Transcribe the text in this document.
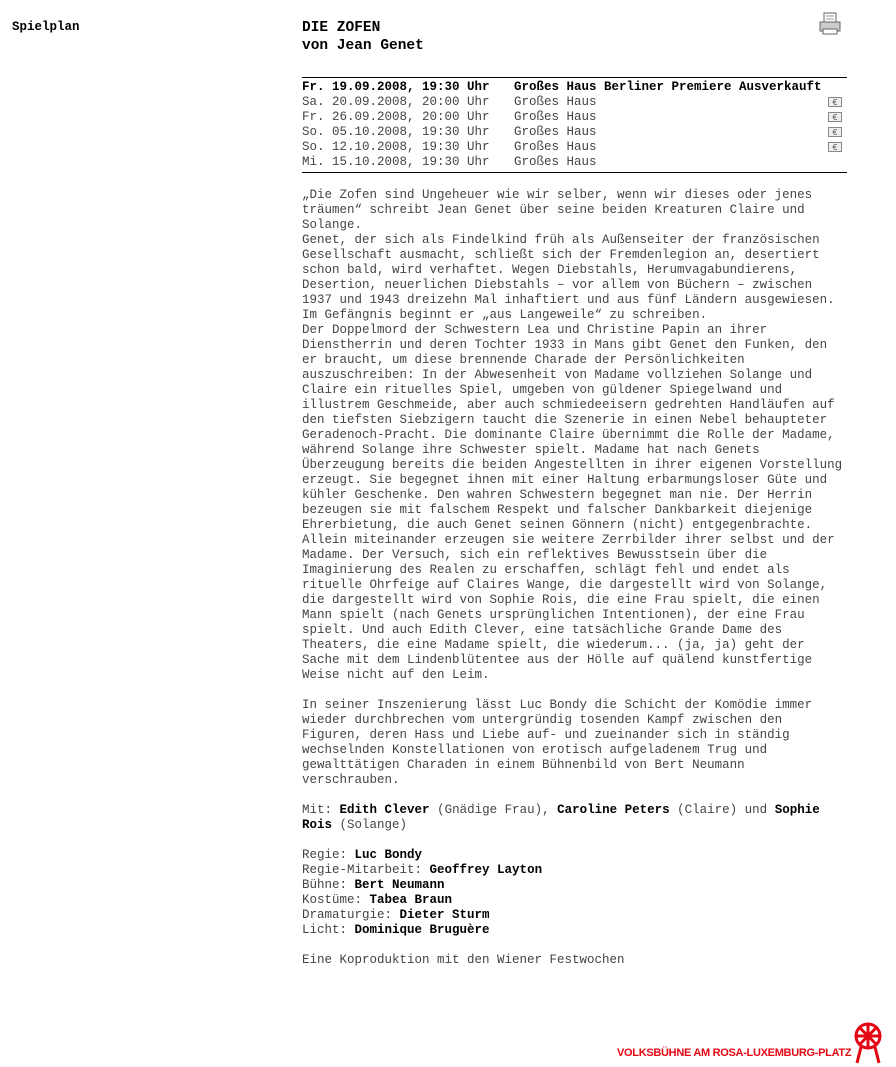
Spielplan	DIE ZOFEN
von Jean Genet
Fr. 19.09.2008, 19:30 Uhr Großes Haus Berliner Premiere Ausverkauft
Sa. 20.09.2008, 20:00 Uhr Großes Haus	€
Fr. 26.09.2008, 20:00 Uhr Großes Haus	€
So. 05.10.2008, 19:30 Uhr Großes Haus	€
So. 12.10.2008, 19:30 Uhr Großes Haus	€
Mi. 15.10.2008, 19:30 Uhr Großes Haus

„Die Zofen sind Ungeheuer wie wir selber, wenn wir dieses oder jenes träumen“ schreibt Jean Genet über seine beiden Kreaturen Claire und Solange.

Genet, der sich als Findelkind früh als Außenseiter der französischen Gesellschaft ausmacht, schließt sich der Fremdenlegion an, desertiert schon bald, wird verhaftet. Wegen Diebstahls, Herumvagabundierens, Desertion, neuerlichen Diebstahls – vor allem von Büchern – zwischen 1937 und 1943 dreizehn Mal inhaftiert und aus fünf Ländern ausgewiesen. Im Gefängnis beginnt er „aus Langeweile“ zu schreiben.

Der Doppelmord der Schwestern Lea und Christine Papin an ihrer Dienstherrin und deren Tochter 1933 in Mans gibt Genet den Funken, den er braucht, um diese brennende Charade der Persönlichkeiten auszuschreiben: In der Abwesenheit von Madame vollziehen Solange und Claire ein rituelles Spiel, umgeben von güldener Spiegelwand und illustrem Geschmeide, aber auch schmiedeeisern gedrehten Handläufen auf den tiefsten Siebzigern taucht die Szenerie in einen Nebel behaupteter Geradenoch-Pracht. Die dominante Claire übernimmt die Rolle der Madame, während Solange ihre Schwester spielt. Madame hat nach Genets Überzeugung bereits die beiden Angestellten in ihrer eigenen Vorstellung erzeugt. Sie begegnet ihnen mit einer Haltung erbarmungsloser Güte und kühler Geschenke. Den wahren Schwestern begegnet man nie. Der Herrin bezeugen sie mit falschem Respekt und falscher Dankbarkeit diejenige Ehrerbietung, die auch Genet seinen Gönnern (nicht) entgegenbrachte. Allein miteinander erzeugen sie weitere Zerrbilder ihrer selbst und der Madame. Der Versuch, sich ein reflektives Bewusstsein über die Imaginierung des Realen zu erschaffen, schlägt fehl und endet als rituelle Ohrfeige auf Claires Wange, die dargestellt wird von Solange, die dargestellt wird von Sophie Rois, die eine Frau spielt, die einen Mann spielt (nach Genets ursprünglichen Intentionen), der eine Frau spielt. Und auch Edith Clever, eine tatsächliche Grande Dame des Theaters, die eine Madame spielt, die wiederum... (ja, ja) geht der Sache mit dem Lindenblütentee aus der Hölle auf quälend kunstfertige Weise nicht auf den Leim.

In seiner Inszenierung lässt Luc Bondy die Schicht der Komödie immer wieder durchbrechen vom untergründig tosenden Kampf zwischen den Figuren, deren Hass und Liebe auf- und zueinander sich in ständig wechselnden Konstellationen von erotisch aufgeladenem Trug und gewalttätigen Charaden in einem Bühnenbild von Bert Neumann verschrauben.

Mit: Edith Clever (Gnädige Frau), Caroline Peters (Claire) und Sophie Rois (Solange)

Regie: Luc Bondy
Regie-Mitarbeit: Geoffrey Layton
Bühne: Bert Neumann
Kostüme: Tabea Braun
Dramaturgie: Dieter Sturm
Licht: Dominique Bruguère

Eine Koproduktion mit den Wiener Festwochen

VOLKSBÜHNE AM ROSA-LUXEMBURG-PLATZ
